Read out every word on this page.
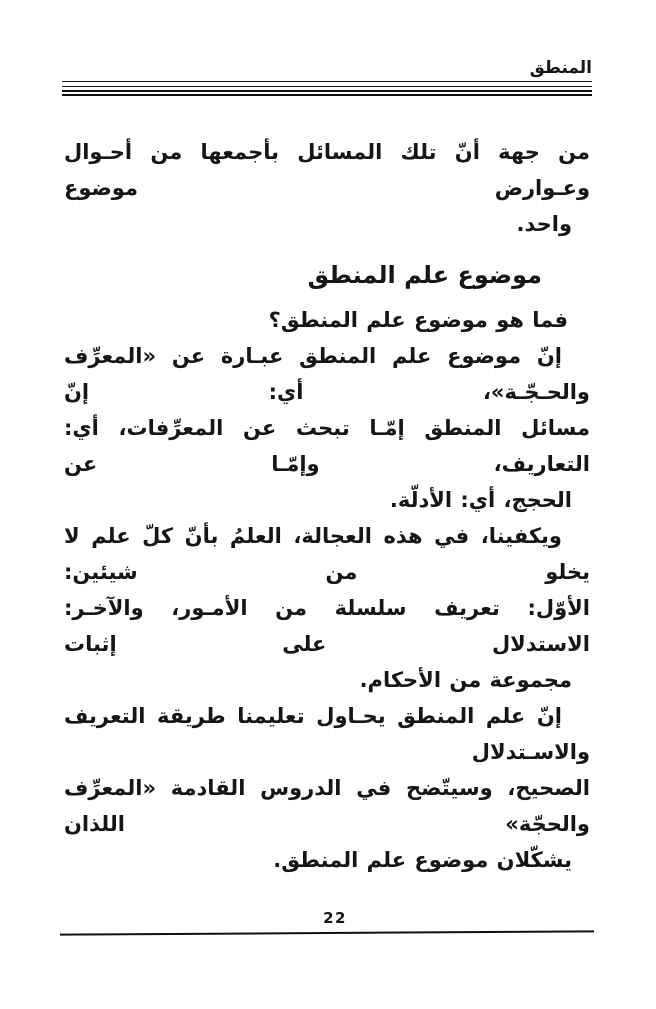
المنطق
من جهة أنّ تلك المسائل بأجمعها من أحـوال وعـوارض موضوع
واحد.
موضوع علم المنطق
فما هو موضوع علم المنطق؟
إنّ موضوع علم المنطق عبـارة عن «المعرِّف والحـجّـة»، أي: إنّ
مسائل المنطق إمّـا تبحث عن المعرِّفات، أي: التعاريف، وإمّـا عن
الحجج، أي: الأدلّة.
ويكفينا، في هذه العجالة، العلمُ بأنّ كلّ علم لا يخلو من شيئين:
الأوّل: تعريف سلسلة من الأمـور، والآخـر: الاستدلال على إثبات
مجموعة من الأحكام.
إنّ علم المنطق يحـاول تعليمنا طريقة التعريف والاسـتدلال
الصحيح، وسيتّضح في الدروس القادمة «المعرِّف والحجّة» اللذان
يشكّلان موضوع علم المنطق.
22
